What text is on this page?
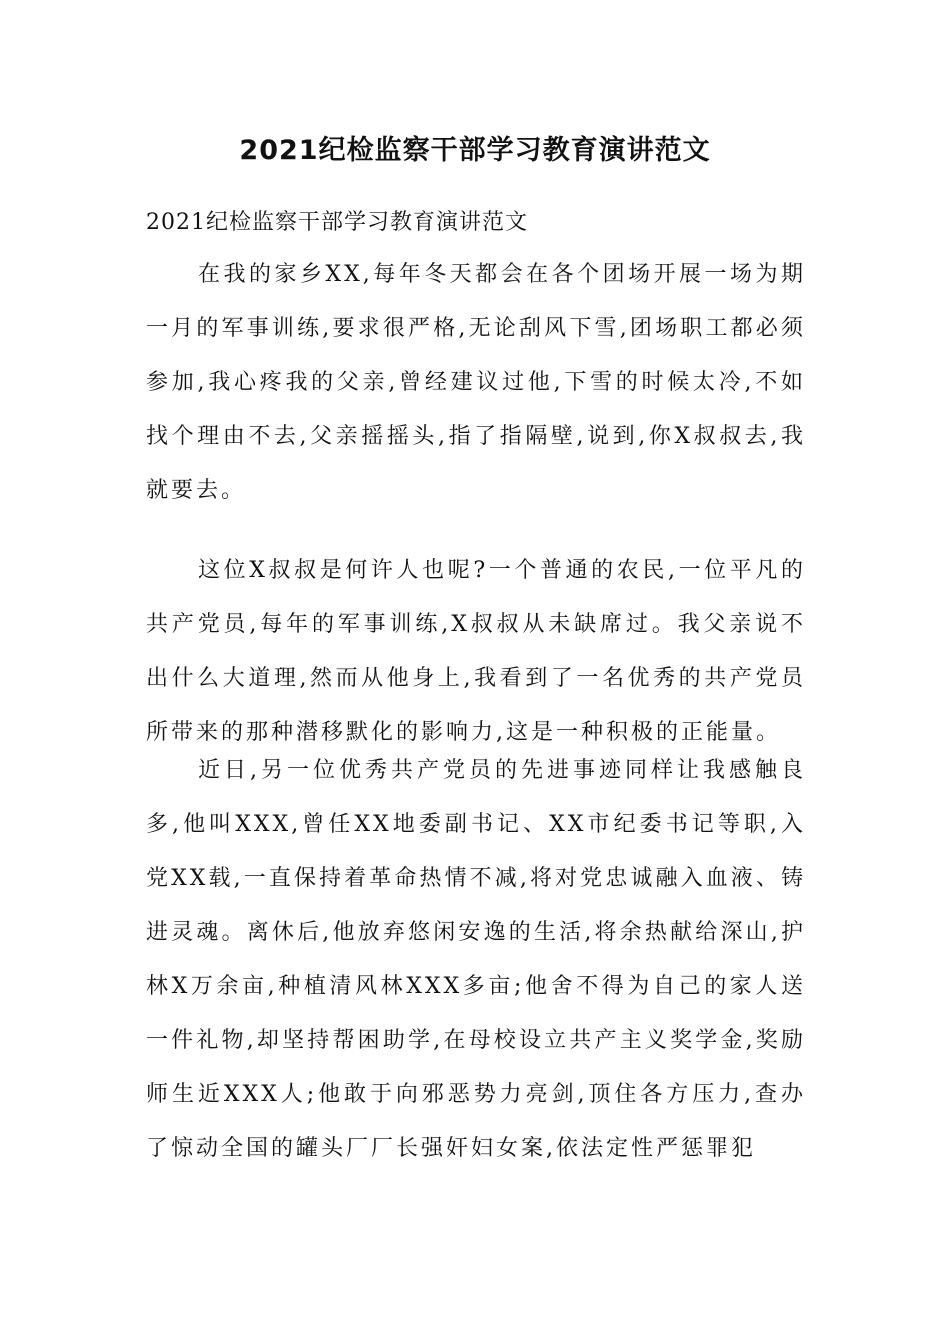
2021纪检监察干部学习教育演讲范文

2021纪检监察干部学习教育演讲范文

在我的家乡XX,每年冬天都会在各个团场开展一场为期一月的军事训练,要求很严格,无论刮风下雪,团场职工都必须参加,我心疼我的父亲,曾经建议过他,下雪的时候太冷,不如找个理由不去,父亲摇摇头,指了指隔壁,说到,你X叔叔去,我就要去。

这位X叔叔是何许人也呢?一个普通的农民,一位平凡的共产党员,每年的军事训练,X叔叔从未缺席过。我父亲说不出什么大道理,然而从他身上,我看到了一名优秀的共产党员所带来的那种潜移默化的影响力,这是一种积极的正能量。

近日,另一位优秀共产党员的先进事迹同样让我感触良多,他叫XXX,曾任XX地委副书记、XX市纪委书记等职,入党XX载,一直保持着革命热情不减,将对党忠诚融入血液、铸进灵魂。离休后,他放弃悠闲安逸的生活,将余热献给深山,护林X万余亩,种植清风林XXX多亩;他舍不得为自己的家人送一件礼物,却坚持帮困助学,在母校设立共产主义奖学金,奖励师生近XXX人;他敢于向邪恶势力亮剑,顶住各方压力,查办了惊动全国的罐头厂厂长强奸妇女案,依法定性严惩罪犯
